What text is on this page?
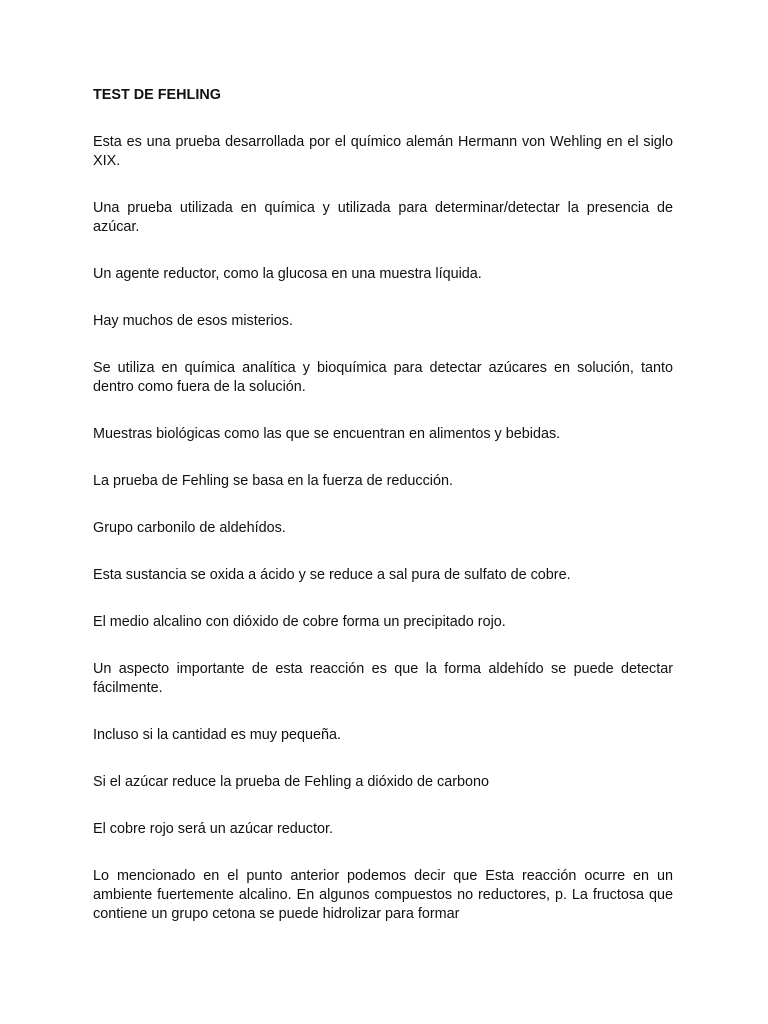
TEST DE FEHLING
Esta es una prueba desarrollada por el químico alemán Hermann von Wehling en el siglo XIX.
Una prueba utilizada en química y utilizada para determinar/detectar la presencia de azúcar.
Un agente reductor, como la glucosa en una muestra líquida.
Hay muchos de esos misterios.
Se utiliza en química analítica y bioquímica para detectar azúcares en solución, tanto dentro como fuera de la solución.
Muestras biológicas como las que se encuentran en alimentos y bebidas.
La prueba de Fehling se basa en la fuerza de reducción.
Grupo carbonilo de aldehídos.
Esta sustancia se oxida a ácido y se reduce a sal pura de sulfato de cobre.
El medio alcalino con dióxido de cobre forma un precipitado rojo.
Un aspecto importante de esta reacción es que la forma aldehído se puede detectar fácilmente.
Incluso si la cantidad es muy pequeña.
Si el azúcar reduce la prueba de Fehling a dióxido de carbono
El cobre rojo será un azúcar reductor.
Lo mencionado en el punto anterior podemos decir que Esta reacción ocurre en un ambiente fuertemente alcalino. En algunos compuestos no reductores, p. La fructosa que contiene un grupo cetona se puede hidrolizar para formar
